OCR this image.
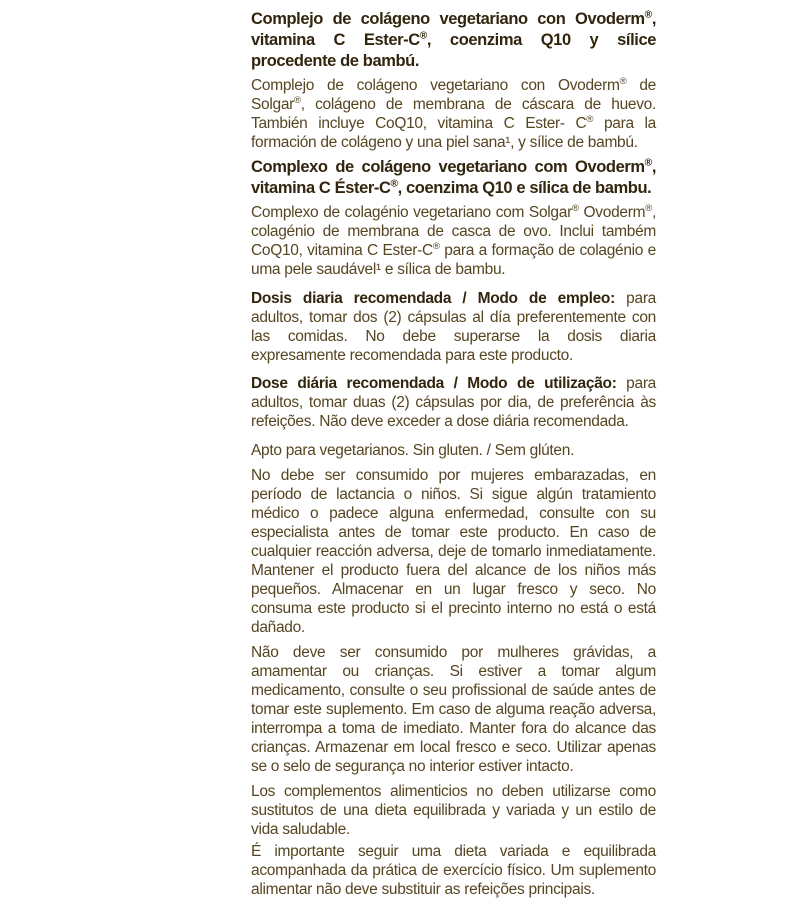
Complejo de colágeno vegetariano con Ovoderm®, vitamina C Ester-C®, coenzima Q10 y sílice procedente de bambú.

Complejo de colágeno vegetariano con Ovoderm® de Solgar®, colágeno de membrana de cáscara de huevo. También incluye CoQ10, vitamina C Ester- C® para la formación de colágeno y una piel sana¹, y sílice de bambú.

Complexo de colágeno vegetariano com Ovoderm®, vitamina C Éster-C®, coenzima Q10 e sílica de bambu.

Complexo de colagénio vegetariano com Solgar® Ovoderm®, colagénio de membrana de casca de ovo. Inclui também CoQ10, vitamina C Ester-C® para a formação de colagénio e uma pele saudável¹ e sílica de bambu.

Dosis diaria recomendada / Modo de empleo: para adultos, tomar dos (2) cápsulas al día preferentemente con las comidas. No debe superarse la dosis diaria expresamente recomendada para este producto.

Dose diária recomendada / Modo de utilização: para adultos, tomar duas (2) cápsulas por dia, de preferência às refeições. Não deve exceder a dose diária recomendada.

Apto para vegetarianos. Sin gluten. / Sem glúten.

No debe ser consumido por mujeres embarazadas, en período de lactancia o niños. Si sigue algún tratamiento médico o padece alguna enfermedad, consulte con su especialista antes de tomar este producto. En caso de cualquier reacción adversa, deje de tomarlo inmediatamente. Mantener el producto fuera del alcance de los niños más pequeños. Almacenar en un lugar fresco y seco. No consuma este producto si el precinto interno no está o está dañado.

Não deve ser consumido por mulheres grávidas, a amamentar ou crianças. Si estiver a tomar algum medicamento, consulte o seu profissional de saúde antes de tomar este suplemento. Em caso de alguma reação adversa, interrompa a toma de imediato. Manter fora do alcance das crianças. Armazenar em local fresco e seco. Utilizar apenas se o selo de segurança no interior estiver intacto.

Los complementos alimenticios no deben utilizarse como sustitutos de una dieta equilibrada y variada y un estilo de vida saludable.

É importante seguir uma dieta variada e equilibrada acompanhada da prática de exercício físico. Um suplemento alimentar não deve substituir as refeições principais.
